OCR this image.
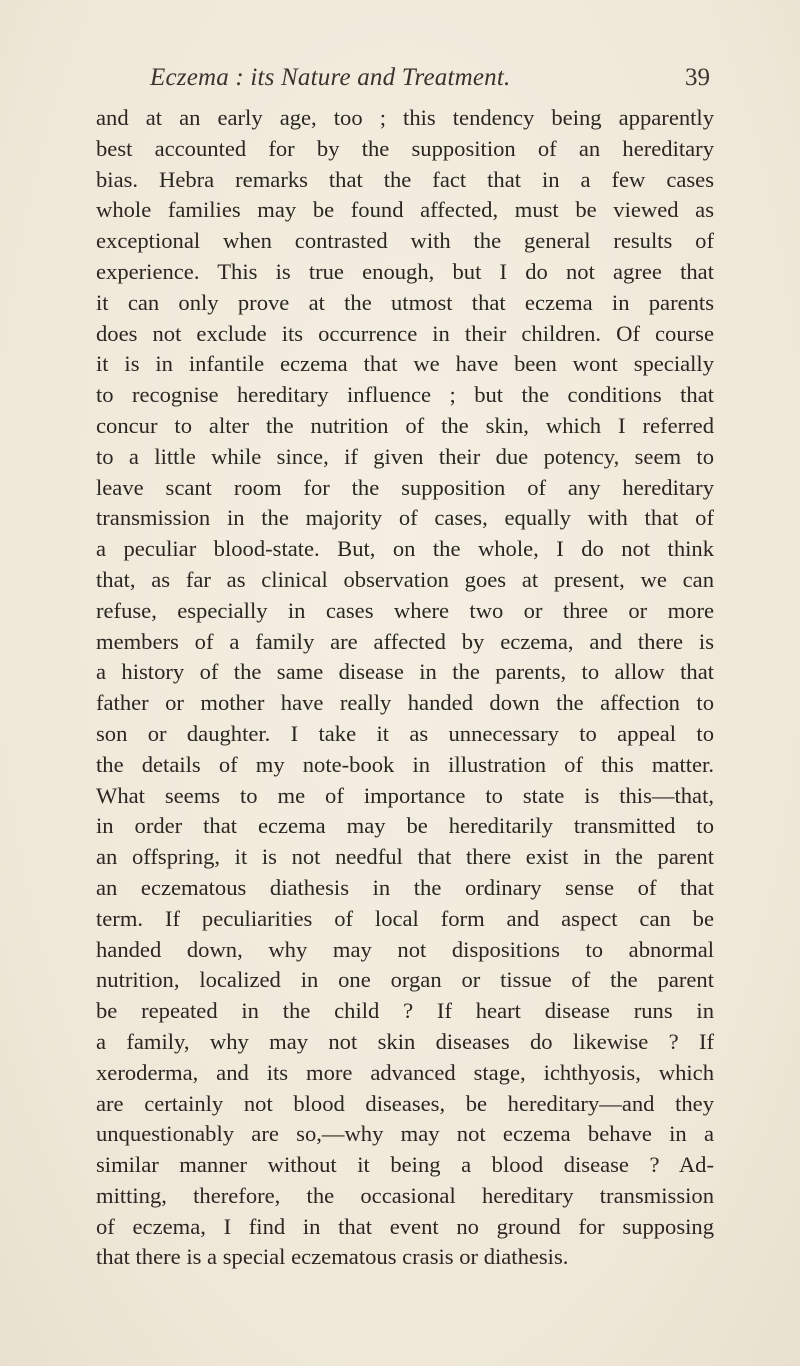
Eczema : its Nature and Treatment.	39
and at an early age, too ; this tendency being apparently
best accounted for by the supposition of an hereditary
bias. Hebra remarks that the fact that in a few cases
whole families may be found affected, must be viewed as
exceptional when contrasted with the general results of
experience. This is true enough, but I do not agree that
it can only prove at the utmost that eczema in parents
does not exclude its occurrence in their children. Of course
it is in infantile eczema that we have been wont specially
to recognise hereditary influence ; but the conditions that
concur to alter the nutrition of the skin, which I referred
to a little while since, if given their due potency, seem to
leave scant room for the supposition of any hereditary
transmission in the majority of cases, equally with that of
a peculiar blood-state. But, on the whole, I do not think
that, as far as clinical observation goes at present, we can
refuse, especially in cases where two or three or more
members of a family are affected by eczema, and there is
a history of the same disease in the parents, to allow that
father or mother have really handed down the affection to
son or daughter. I take it as unnecessary to appeal to
the details of my note-book in illustration of this matter.
What seems to me of importance to state is this—that,
in order that eczema may be hereditarily transmitted to
an offspring, it is not needful that there exist in the parent
an eczematous diathesis in the ordinary sense of that
term. If peculiarities of local form and aspect can be
handed down, why may not dispositions to abnormal
nutrition, localized in one organ or tissue of the parent
be repeated in the child ? If heart disease runs in
a family, why may not skin diseases do likewise ? If
xeroderma, and its more advanced stage, ichthyosis, which
are certainly not blood diseases, be hereditary—and they
unquestionably are so,—why may not eczema behave in a
similar manner without it being a blood disease ? Ad-
mitting, therefore, the occasional hereditary transmission
of eczema, I find in that event no ground for supposing
that there is a special eczematous crasis or diathesis.
